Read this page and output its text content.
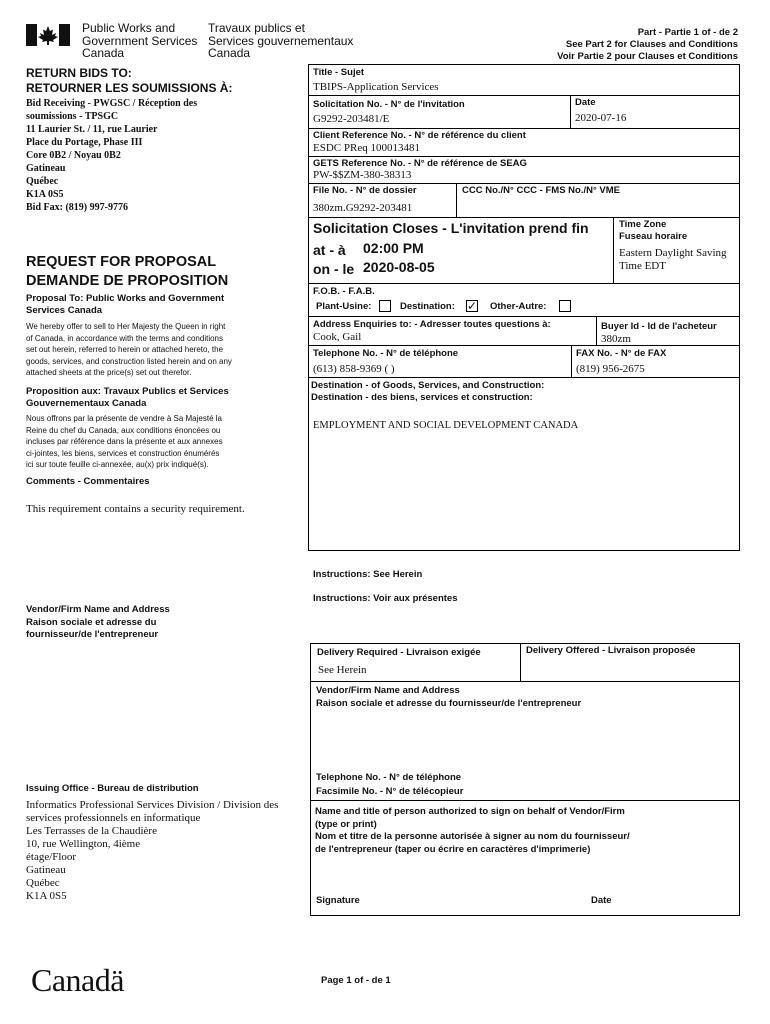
Public Works and
Government Services
Canada
Travaux publics et
Services gouvernementaux
Canada
Part - Partie 1 of - de 2
See Part 2 for Clauses and Conditions
Voir Partie 2 pour Clauses et Conditions
RETURN BIDS TO:
RETOURNER LES SOUMISSIONS À:
Bid Receiving - PWGSC / Réception des
soumissions - TPSGC
11 Laurier St. / 11, rue Laurier
Place du Portage, Phase III
Core 0B2 / Noyau 0B2
Gatineau
Québec
K1A 0S5
Bid Fax: (819) 997-9776
REQUEST FOR PROPOSAL
DEMANDE DE PROPOSITION
Proposal To: Public Works and Government Services Canada
We hereby offer to sell to Her Majesty the Queen in right
of Canada, in accordance with the terms and conditions
set out herein, referred to herein or attached hereto, the
goods, services, and construction listed herein and on any
attached sheets at the price(s) set out therefor.
Proposition aux: Travaux Publics et Services Gouvernementaux Canada
Nous offrons par la présente de vendre à Sa Majesté la
Reine du chef du Canada, aux conditions énoncées ou
incluses par référence dans la présente et aux annexes
ci-jointes, les biens, services et construction énumérés
ici sur toute feuille ci-annexée, au(x) prix indiqué(s).
Comments - Commentaires
This requirement contains a security requirement.
Vendor/Firm Name and Address
Raison sociale et adresse du
fournisseur/de l'entrepreneur
Issuing Office - Bureau de distribution
Informatics Professional Services Division / Division des
services professionnels en informatique
Les Terrasses de la Chaudière
10, rue Wellington, 4ième
étage/Floor
Gatineau
Québec
K1A 0S5
Title - Sujet
TBIPS-Application Services
Solicitation No. - N° de l'invitation
G9292-203481/E
Date
2020-07-16
Client Reference No. - N° de référence du client
ESDC PReq 100013481
GETS Reference No. - N° de référence de SEAG
PW-$$ZM-380-38313
File No. - N° de dossier
380zm.G9292-203481
CCC No./N° CCC - FMS No./N° VME
Solicitation Closes - L'invitation prend fin
at - à 02:00 PM
on - le 2020-08-05
Time Zone
Fuseau horaire
Eastern Daylight Saving
Time EDT
F.O.B. - F.A.B.
Plant-Usine:	Destination: ✓ Other-Autre:
Address Enquiries to: - Adresser toutes questions à:
Cook, Gail
Buyer Id - Id de l'acheteur
380zm
Telephone No. - N° de téléphone
(613) 858-9369 ( )
FAX No. - N° de FAX
(819) 956-2675
Destination - of Goods, Services, and Construction:
Destination - des biens, services et construction:
EMPLOYMENT AND SOCIAL DEVELOPMENT CANADA
Instructions: See Herein
Instructions: Voir aux présentes
Delivery Required - Livraison exigée
See Herein
Delivery Offered - Livraison proposée
Vendor/Firm Name and Address
Raison sociale et adresse du fournisseur/de l'entrepreneur
Telephone No. - N° de téléphone
Facsimile No. - N° de télécopieur
Name and title of person authorized to sign on behalf of Vendor/Firm
(type or print)
Nom et titre de la personne autorisée à signer au nom du fournisseur/
de l'entrepreneur (taper ou écrire en caractères d'imprimerie)
Signature	Date
Canadä	Page 1 of - de 1
